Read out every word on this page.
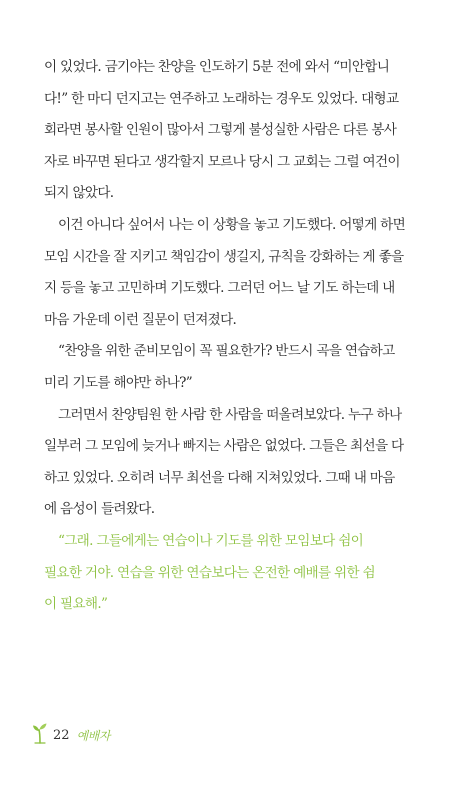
이 있었다. 금기야는 찬양을 인도하기 5분 전에 와서 “미안합니
다!” 한 마디 던지고는 연주하고 노래하는 경우도 있었다. 대형교
회라면 봉사할 인원이 많아서 그렇게 불성실한 사람은 다른 봉사
자로 바꾸면 된다고 생각할지 모르나 당시 그 교회는 그럴 여건이
되지 않았다.
이건 아니다 싶어서 나는 이 상황을 놓고 기도했다. 어떻게 하면
모임 시간을 잘 지키고 책임감이 생길지, 규칙을 강화하는 게 좋을
지 등을 놓고 고민하며 기도했다. 그러던 어느 날 기도 하는데 내
마음 가운데 이런 질문이 던져졌다.
“찬양을 위한 준비모임이 꼭 필요한가? 반드시 곡을 연습하고
미리 기도를 해야만 하나?”
그러면서 찬양팀원 한 사람 한 사람을 떠올려보았다. 누구 하나
일부러 그 모임에 늦거나 빠지는 사람은 없었다. 그들은 최선을 다
하고 있었다. 오히려 너무 최선을 다해 지쳐있었다. 그때 내 마음
에 음성이 들려왔다.
“그래. 그들에게는 연습이나 기도를 위한 모임보다 쉼이
필요한 거야. 연습을 위한 연습보다는 온전한 예배를 위한 쉼
이 필요해.”
22 예배자
